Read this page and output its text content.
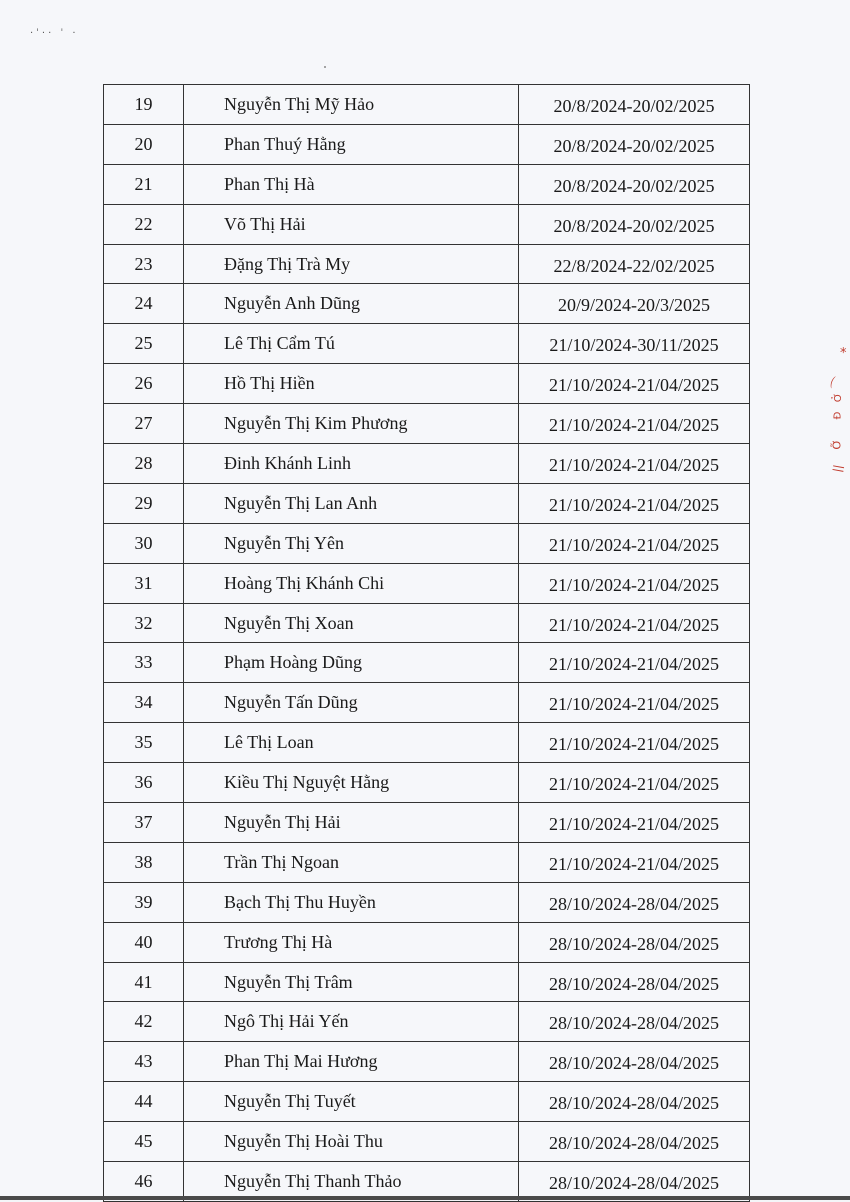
·ˈ·· ˈ ·
*
⌒
Ở
Ð
Ỡ
||
19	Nguyễn Thị Mỹ Hảo	20/8/2024-20/02/2025
20	Phan Thuý Hằng	20/8/2024-20/02/2025
21	Phan Thị Hà	20/8/2024-20/02/2025
22	Võ Thị Hải	20/8/2024-20/02/2025
23	Đặng Thị Trà My	22/8/2024-22/02/2025
24	Nguyễn Anh Dũng	20/9/2024-20/3/2025
25	Lê Thị Cẩm Tú	21/10/2024-30/11/2025
26	Hồ Thị Hiền	21/10/2024-21/04/2025
27	Nguyễn Thị Kim Phương	21/10/2024-21/04/2025
28	Đinh Khánh Linh	21/10/2024-21/04/2025
29	Nguyễn Thị Lan Anh	21/10/2024-21/04/2025
30	Nguyễn Thị Yên	21/10/2024-21/04/2025
31	Hoàng Thị Khánh Chi	21/10/2024-21/04/2025
32	Nguyễn Thị Xoan	21/10/2024-21/04/2025
33	Phạm Hoàng Dũng	21/10/2024-21/04/2025
34	Nguyễn Tấn Dũng	21/10/2024-21/04/2025
35	Lê Thị Loan	21/10/2024-21/04/2025
36	Kiều Thị Nguyệt Hằng	21/10/2024-21/04/2025
37	Nguyễn Thị Hải	21/10/2024-21/04/2025
38	Trần Thị Ngoan	21/10/2024-21/04/2025
39	Bạch Thị Thu Huyền	28/10/2024-28/04/2025
40	Trương Thị Hà	28/10/2024-28/04/2025
41	Nguyễn Thị Trâm	28/10/2024-28/04/2025
42	Ngô Thị Hải Yến	28/10/2024-28/04/2025
43	Phan Thị Mai Hương	28/10/2024-28/04/2025
44	Nguyễn Thị Tuyết	28/10/2024-28/04/2025
45	Nguyễn Thị Hoài Thu	28/10/2024-28/04/2025
46	Nguyễn Thị Thanh Thảo	28/10/2024-28/04/2025
